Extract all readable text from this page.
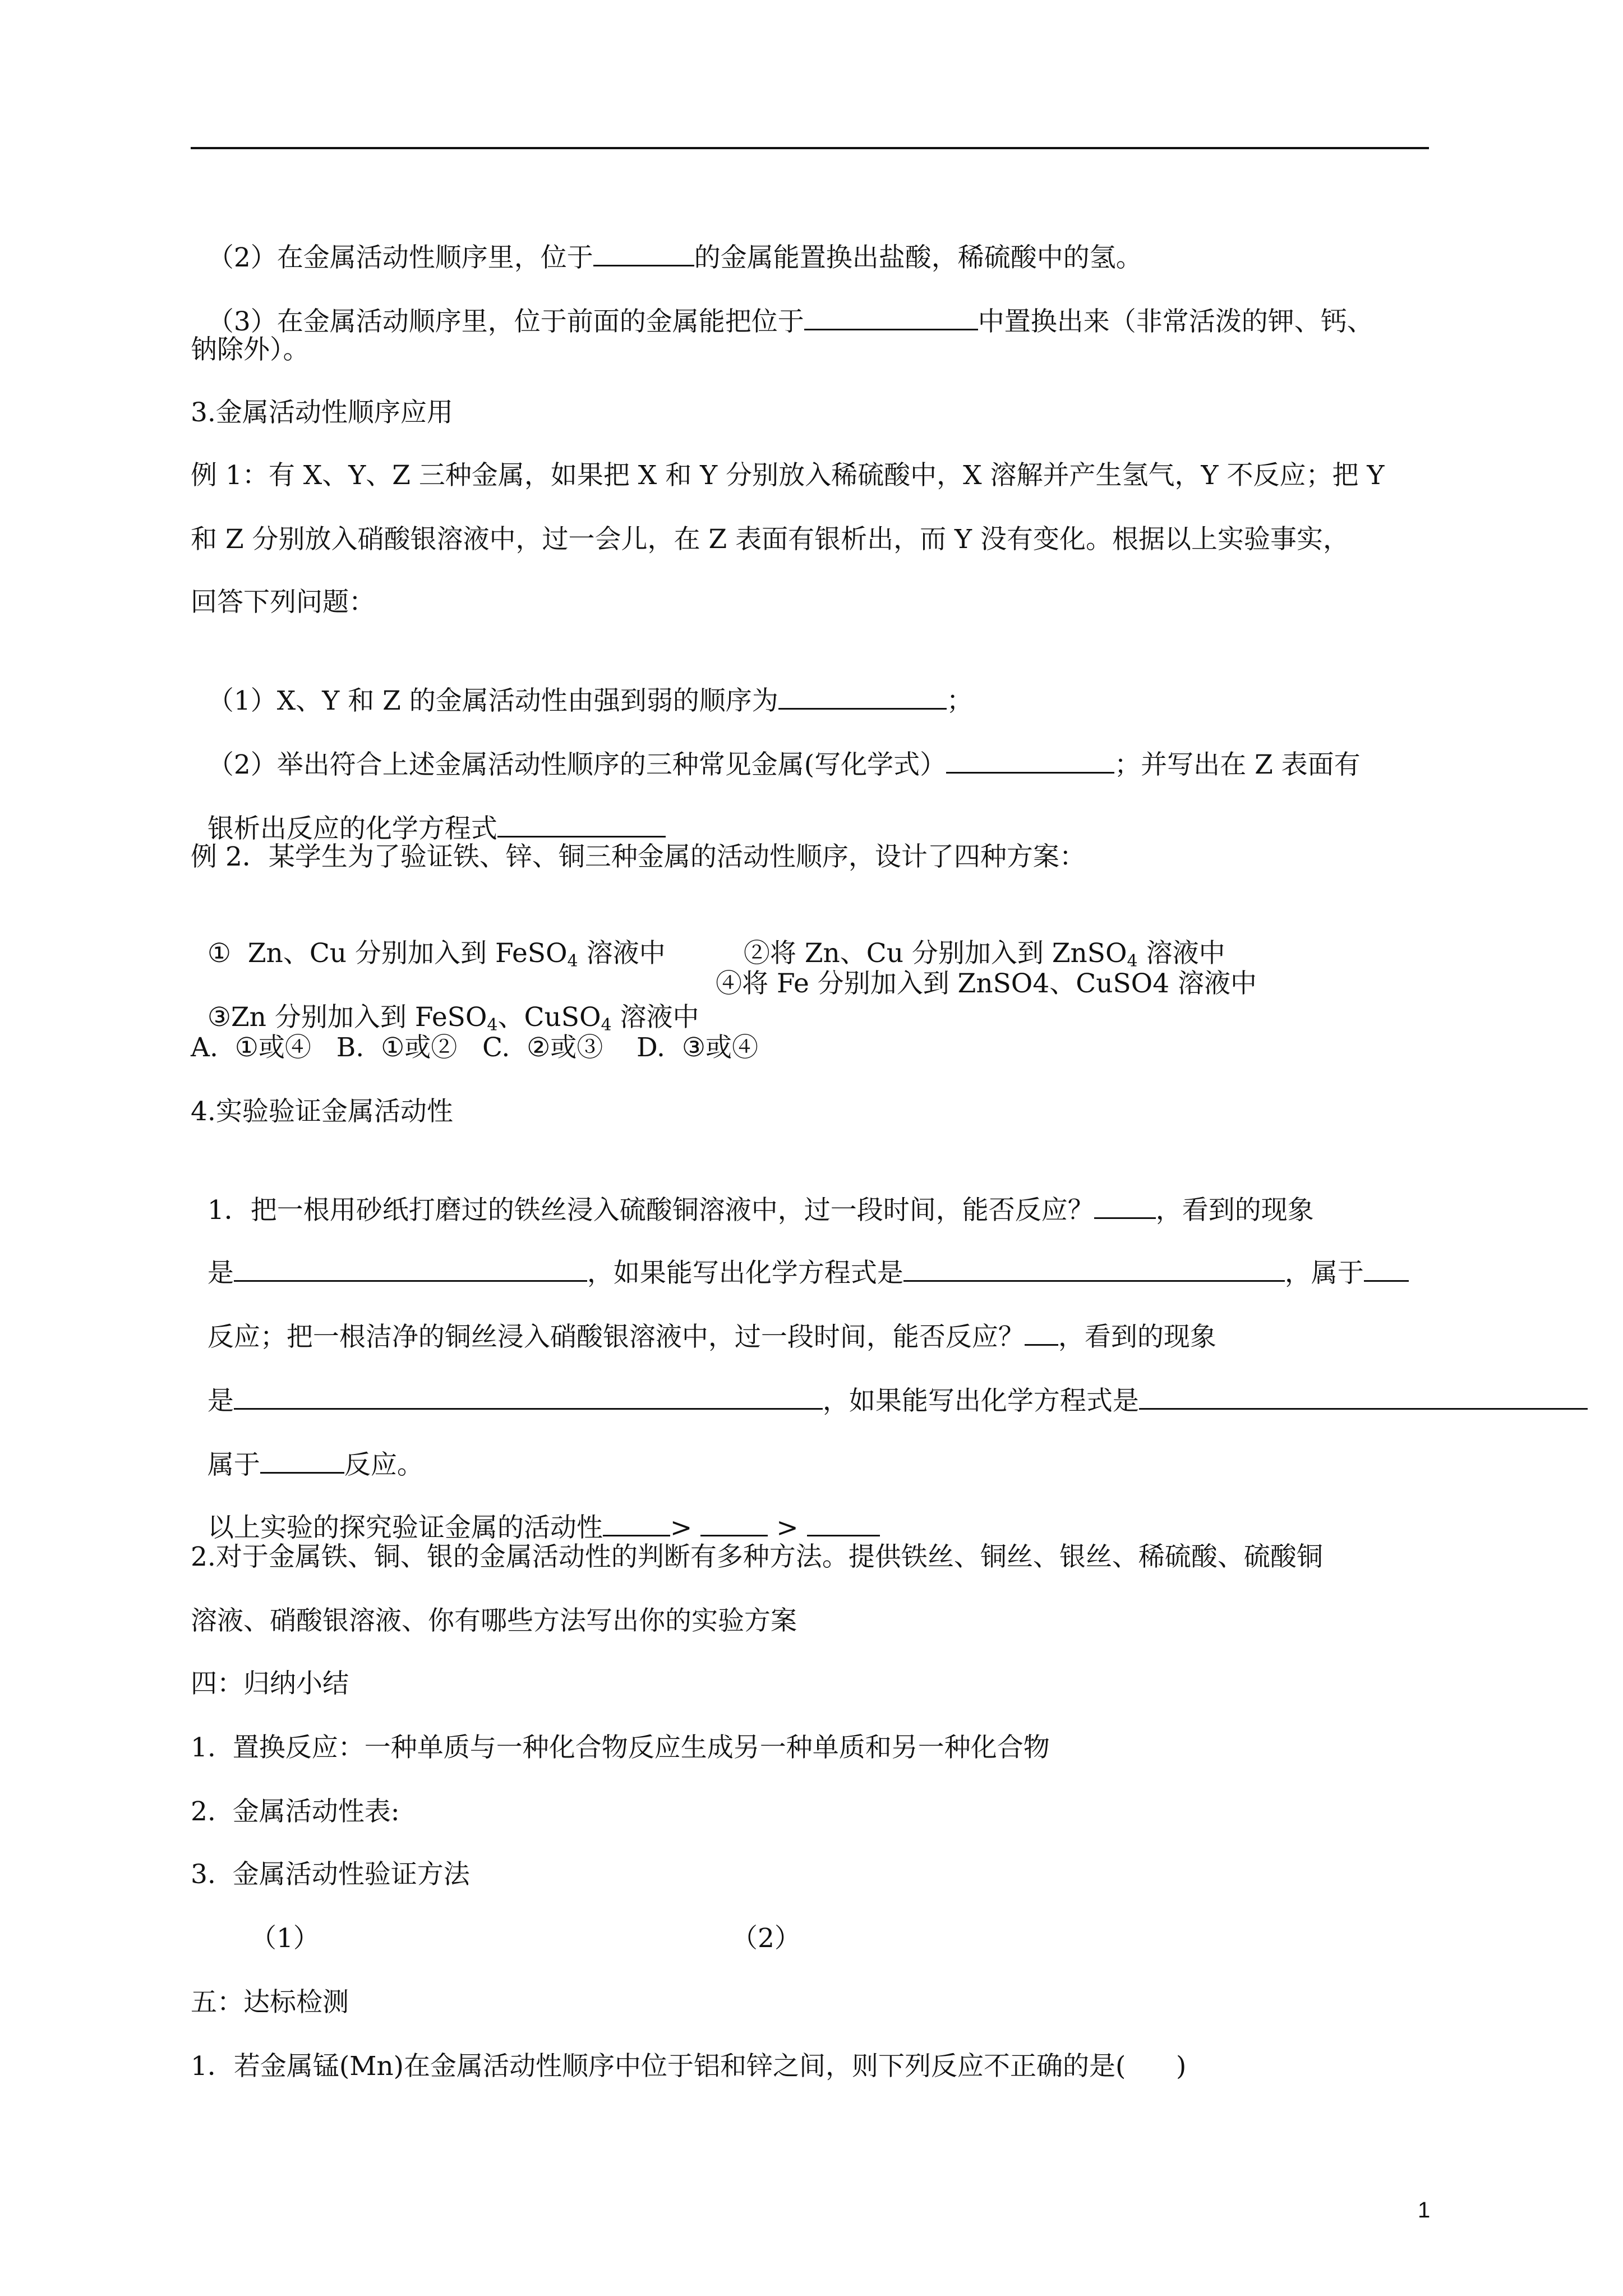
（2）在金属活动性顺序里，位于	的金属能置换出盐酸，稀硫酸中的氢。

（3）在金属活动顺序里，位于前面的金属能把位于	中置换出来（非常活泼的钾、钙、

钠除外）。
3.金属活动性顺序应用
例 1：有 X、Y、Z 三种金属，如果把 X 和 Y 分别放入稀硫酸中，X 溶解并产生氢气，Y 不反应；把 Y
和 Z 分别放入硝酸银溶液中，过一会儿，在 Z 表面有银析出，而 Y 没有变化。根据以上实验事实，
回答下列问题：

（1）X、Y 和 Z 的金属活动性由强到弱的顺序为	；

（2）举出符合上述金属活动性顺序的三种常见金属(写化学式）	；并写出在 Z 表面有

银析出反应的化学方程式

例 2．某学生为了验证铁、锌、铜三种金属的活动性顺序，设计了四种方案：

①  Zn、Cu 分别加入到 FeSO$_4$ 溶液中	②将 Zn、Cu 分别加入到 ZnSO$_4$ 溶液中

③Zn 分别加入到 FeSO$_4$、CuSO$_4$ 溶液中

④将 Fe 分别加入到 ZnSO4、CuSO4 溶液中
A.  ①或④   B.  ①或②   C.  ②或③    D.  ③或④
4.实验验证金属活动性

1．把一根用砂纸打磨过的铁丝浸入硫酸铜溶液中，过一段时间，能否反应？ ，看到的现象

是	，如果能写出化学方程式是	，属于

反应；把一根洁净的铜丝浸入硝酸银溶液中，过一段时间，能否反应？ ，看到的现象

是	，如果能写出化学方程式是

属于	反应。

以上实验的探究验证金属的活动性	>	>

2.对于金属铁、铜、银的金属活动性的判断有多种方法。提供铁丝、铜丝、银丝、稀硫酸、硫酸铜
溶液、硝酸银溶液、你有哪些方法写出你的实验方案
四：归纳小结
1.  置换反应：一种单质与一种化合物反应生成另一种单质和另一种化合物
2.  金属活动性表:
3.  金属活动性验证方法
（1）	（2）
五：达标检测
1．若金属锰(Mn)在金属活动性顺序中位于铝和锌之间，则下列反应不正确的是(      )
1
